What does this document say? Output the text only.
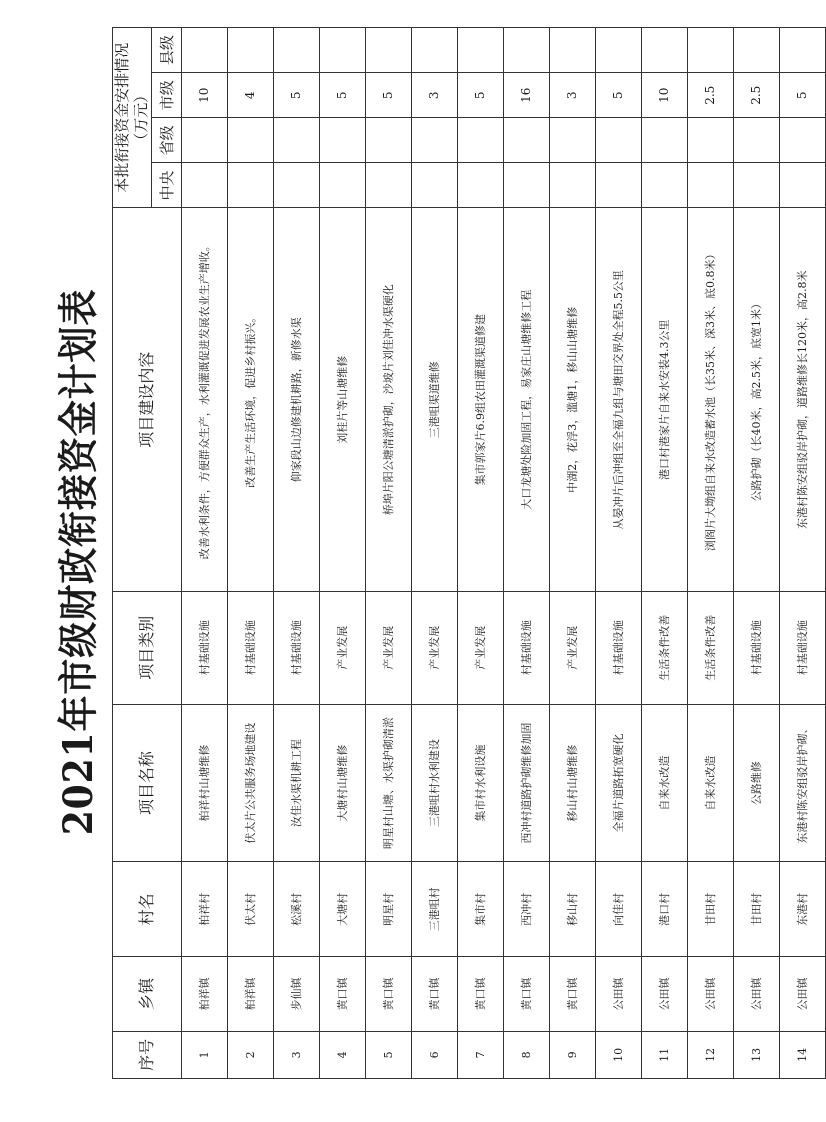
2021年市级财政衔接资金计划表
序号	乡镇	村名	项目名称	项目类别	项目建设内容	本批衔接资金安排情况（万元）			
						中央	省级	市级	县级
1	柏祥镇	柏祥村	柏祥村山塘维修	村基础设施	改善水利条件，方便群众生产，水利灌溉促进发展农业生产增收。			10	
2	柏祥镇	伏太村	伏太片公共服务场地建设	村基础设施	改善生产生活环境，促进乡村振兴。			4	
3	步仙镇	松溪村	汝佳水渠机耕工程	村基础设施	仰家段山边修建机耕路，新修水渠			5	
4	黄口镇	大塘村	大塘村山塘维修	产业发展	刘桂片等山塘维修			5	
5	黄口镇	明星村	明星村山塘、水渠护砌清淤	产业发展	桥埠片阳公塘清淤护砌，沙坡片刘佳冲水渠硬化			5	
6	黄口镇	三港咀村	三港咀村水利建设	产业发展	三港咀渠道维修			3	
7	黄口镇	集市村	集市村水利设施	产业发展	集市郭家片6.9组农田灌溉渠道修建			5	
8	黄口镇	西冲村	西冲村道路护砌维修加固	村基础设施	大口龙塘处险加固工程，易家庄山塘维修工程			16	
9	黄口镇	移山村	移山村山塘维修	产业发展	中湖2，花浮3，滥塘1，移山山塘维修			3	
10	公田镇	向佳村	全福片道路拓宽硬化	村基础设施	从晏冲片后冲组至全福九组与塘田交界处全程5.5公里			5	
11	公田镇	港口村	自来水改造	生活条件改善	港口村港家片自来水安装4.3公里			10	
12	公田镇	甘田村	自来水改造	生活条件改善	浏阁片大坳组自来水改造蓄水池（长35米、深3米、底0.8米）			2.5	
13	公田镇	甘田村	公路维修	村基础设施	公路护砌（长40米，高2.5米，底宽1米）			2.5	
14	公田镇	东港村	东港村陈安组驳岸护砌、	村基础设施	东港村陈安组驳岸护砌，道路维修长120米，高2.8米			5	
